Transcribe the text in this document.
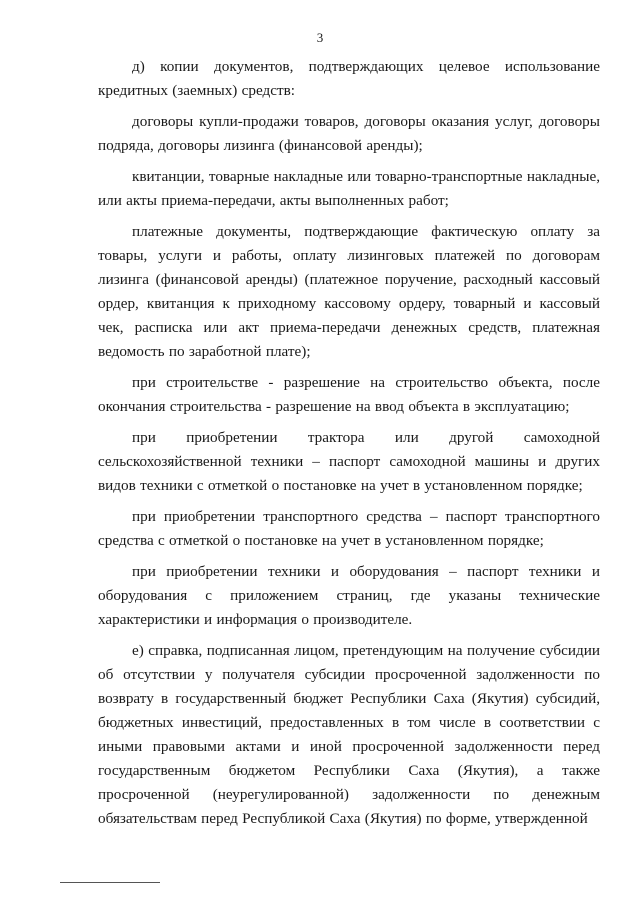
3

д) копии документов, подтверждающих целевое использование кредитных (заемных) средств:

договоры купли-продажи товаров, договоры оказания услуг, договоры подряда, договоры лизинга (финансовой аренды);

квитанции, товарные накладные или товарно-транспортные накладные, или акты приема-передачи, акты выполненных работ;

платежные документы, подтверждающие фактическую оплату за товары, услуги и работы, оплату лизинговых платежей по договорам лизинга (финансовой аренды) (платежное поручение, расходный кассовый ордер, квитанция к приходному кассовому ордеру, товарный и кассовый чек, расписка или акт приема-передачи денежных средств, платежная ведомость по заработной плате);

при строительстве - разрешение на строительство объекта, после окончания строительства - разрешение на ввод объекта в эксплуатацию;

при приобретении трактора или другой самоходной сельскохозяйственной техники – паспорт самоходной машины и других видов техники с отметкой о постановке на учет в установленном порядке;

при приобретении транспортного средства – паспорт транспортного средства с отметкой о постановке на учет в установленном порядке;

при приобретении техники и оборудования – паспорт техники и оборудования с приложением страниц, где указаны технические характеристики и информация о производителе.

е) справка, подписанная лицом, претендующим на получение субсидии об отсутствии у получателя субсидии просроченной задолженности по возврату в государственный бюджет Республики Саха (Якутия) субсидий, бюджетных инвестиций, предоставленных в том числе в соответствии с иными правовыми актами и иной просроченной задолженности перед государственным бюджетом Республики Саха (Якутия), а также просроченной (неурегулированной) задолженности по денежным обязательствам перед Республикой Саха (Якутия) по форме, утвержденной
